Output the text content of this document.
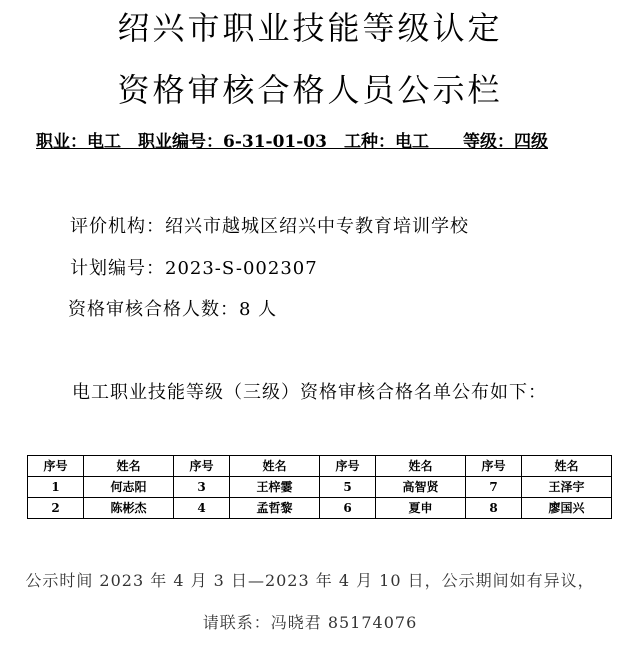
绍兴市职业技能等级认定
资格审核合格人员公示栏
职业：电工　职业编号：6-31-01-03　工种：电工　　等级：四级
评价机构：绍兴市越城区绍兴中专教育培训学校
计划编号：2023-S-002307
资格审核合格人数：8 人
电工职业技能等级（三级）资格审核合格名单公布如下：
序号	姓名	序号	姓名	序号	姓名	序号	姓名
1	何志阳	3	王梓霎	5	高智贤	7	王泽宇
2	陈彬杰	4	孟哲黎	6	夏申	8	廖国兴
公示时间 2023 年 4 月 3 日—2023 年 4 月 10 日，公示期间如有异议，
请联系：冯晓君 85174076
